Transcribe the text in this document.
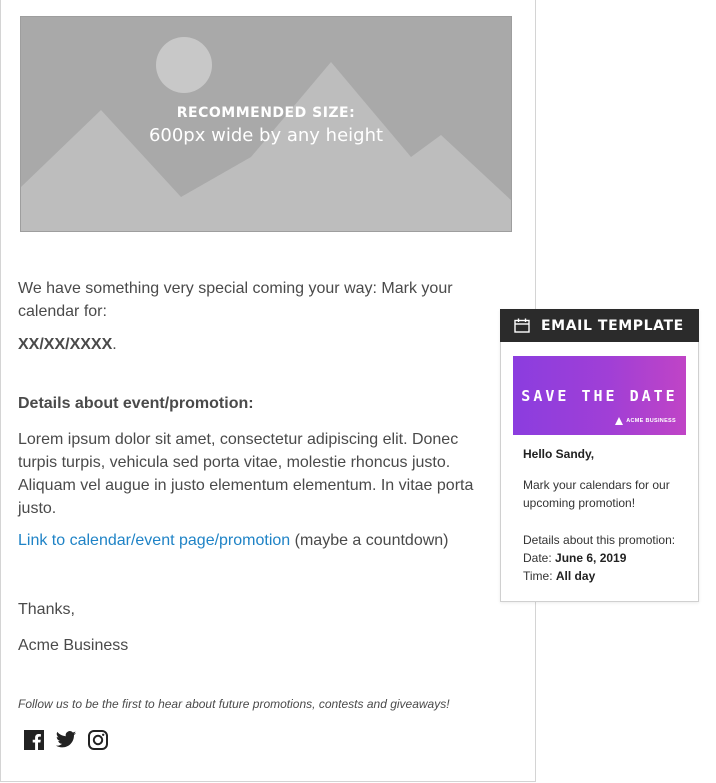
RECOMMENDED SIZE:
600px wide by any height
We have something very special coming your way: Mark your calendar for:
XX/XX/XXXX.
Details about event/promotion:
Lorem ipsum dolor sit amet, consectetur adipiscing elit. Donec turpis turpis, vehicula sed porta vitae, molestie rhoncus justo. Aliquam vel augue in justo elementum elementum. In vitae porta justo.
Link to calendar/event page/promotion (maybe a countdown)
Thanks,
Acme Business
Follow us to be the first to hear about future promotions, contests and giveaways!
EMAIL TEMPLATE
SAVE THE DATE
ACME BUSINESS
Hello Sandy,
Mark your calendars for our upcoming promotion!
Details about this promotion:
Date: June 6, 2019
Time: All day
